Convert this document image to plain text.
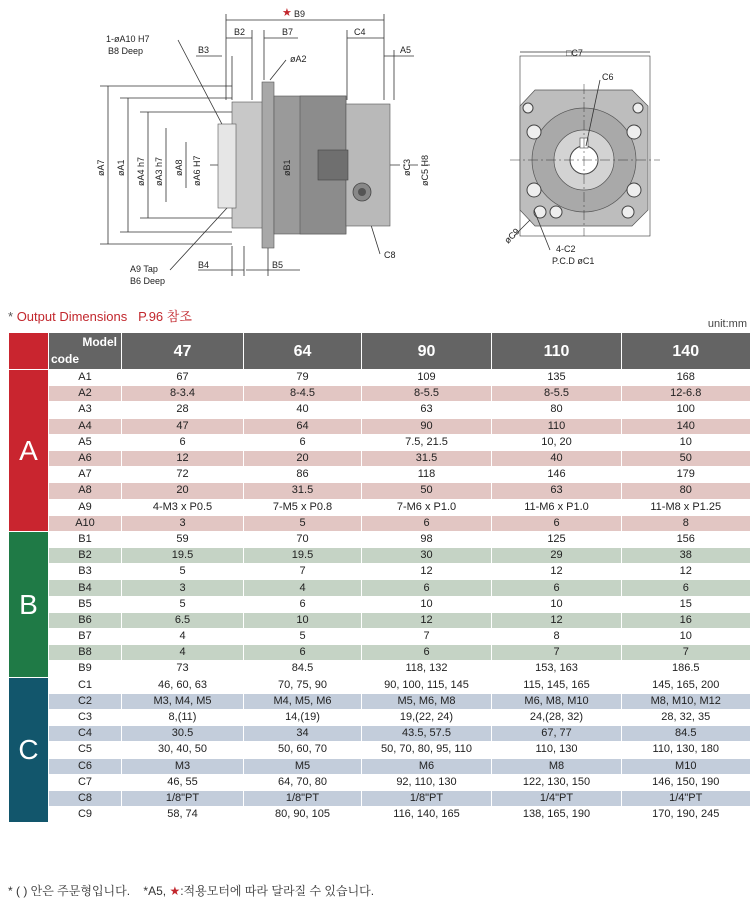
★ B9
B2	B7	C4
A5
B3
1-øA10 H7
B8 Deep
øA2
øA7 øA1 øA4 h7 øA3 h7 øA8 øA6 H7	øB1	øC3 øC5 H8
A9 Tap
B6 Deep
B4	B5
C8
□C7
C6
øC9
4-C2
P.C.D øC1
* Output Dimensions P.96 참조	unit:mm

	Model
code	47	64	90	110	140
A	A1	67	79	109	135	168
	A2	8-3.4	8-4.5	8-5.5	8-5.5	12-6.8
	A3	28	40	63	80	100
	A4	47	64	90	110	140
	A5	6	6	7.5, 21.5	10, 20	10
	A6	12	20	31.5	40	50
	A7	72	86	118	146	179
	A8	20	31.5	50	63	80
	A9	4-M3 x P0.5	7-M5 x P0.8	7-M6 x P1.0	11-M6 x P1.0	11-M8 x P1.25
	A10	3	5	6	6	8
B	B1	59	70	98	125	156
	B2	19.5	19.5	30	29	38
	B3	5	7	12	12	12
	B4	3	4	6	6	6
	B5	5	6	10	10	15
	B6	6.5	10	12	12	16
	B7	4	5	7	8	10
	B8	4	6	6	7	7
	B9	73	84.5	118, 132	153, 163	186.5
C	C1	46, 60, 63	70, 75, 90	90, 100, 115, 145	115, 145, 165	145, 165, 200
	C2	M3, M4, M5	M4, M5, M6	M5, M6, M8	M6, M8, M10	M8, M10, M12
	C3	8,(11)	14,(19)	19,(22, 24)	24,(28, 32)	28, 32, 35
	C4	30.5	34	43.5, 57.5	67, 77	84.5
	C5	30, 40, 50	50, 60, 70	50, 70, 80, 95, 110	110, 130	110, 130, 180
	C6	M3	M5	M6	M8	M10
	C7	46, 55	64, 70, 80	92, 110, 130	122, 130, 150	146, 150, 190
	C8	1/8"PT	1/8"PT	1/8"PT	1/4"PT	1/4"PT
	C9	58, 74	80, 90, 105	116, 140, 165	138, 165, 190	170, 190, 245
* ( ) 안은 주문형입니다. *A5, ★:적용모터에 따라 달라질 수 있습니다.
